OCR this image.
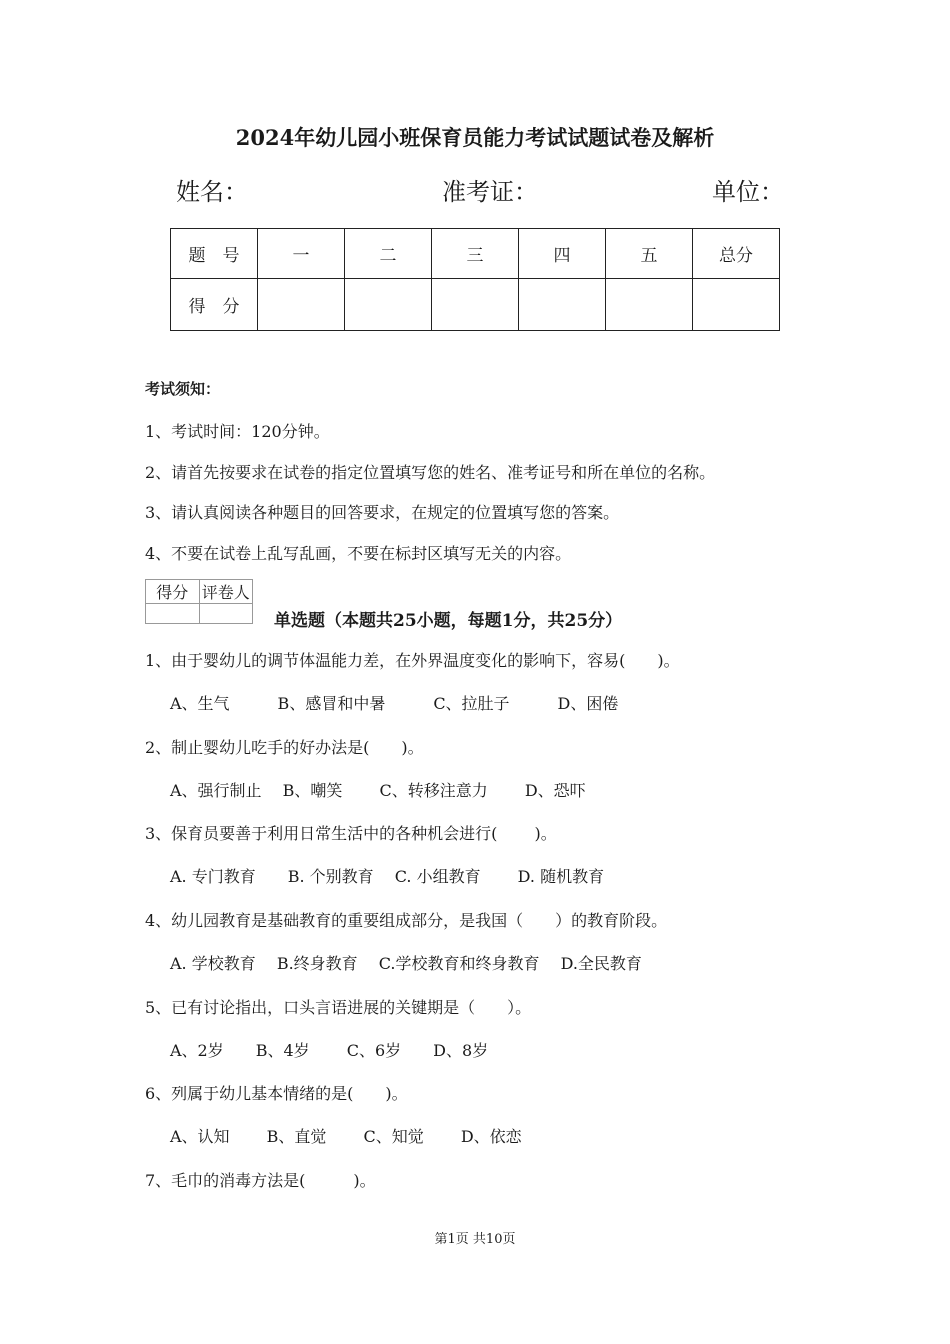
2024年幼儿园小班保育员能力考试试题试卷及解析
姓名：	准考证：	单位：
题　号	一	二	三	四	五	总分
得　分						
考试须知：
1、考试时间：120分钟。
2、请首先按要求在试卷的指定位置填写您的姓名、准考证号和所在单位的名称。
3、请认真阅读各种题目的回答要求，在规定的位置填写您的答案。
4、不要在试卷上乱写乱画，不要在标封区填写无关的内容。
得分	评卷人

单选题（本题共25小题，每题1分，共25分）
1、由于婴幼儿的调节体温能力差，在外界温度变化的影响下，容易(　　)。
A、生气　　　B、感冒和中暑　　　C、拉肚子　　　D、困倦
2、制止婴幼儿吃手的好办法是(　　)。
A、强行制止　 B、嘲笑　　 C、转移注意力　　 D、恐吓
3、保育员要善于利用日常生活中的各种机会进行(　　 )。
A. 专门教育　　B. 个别教育　 C. 小组教育　　 D. 随机教育
4、幼儿园教育是基础教育的重要组成部分，是我国（　　）的教育阶段。
A. 学校教育　 B.终身教育　 C.学校教育和终身教育　 D.全民教育
5、已有讨论指出，口头言语进展的关键期是（　　）。
A、2岁　　B、4岁　　 C、6岁　　D、8岁
6、列属于幼儿基本情绪的是(　　)。
A、认知　　 B、直觉　　 C、知觉　　 D、依恋
7、毛巾的消毒方法是(　　　)。
第1页 共10页
